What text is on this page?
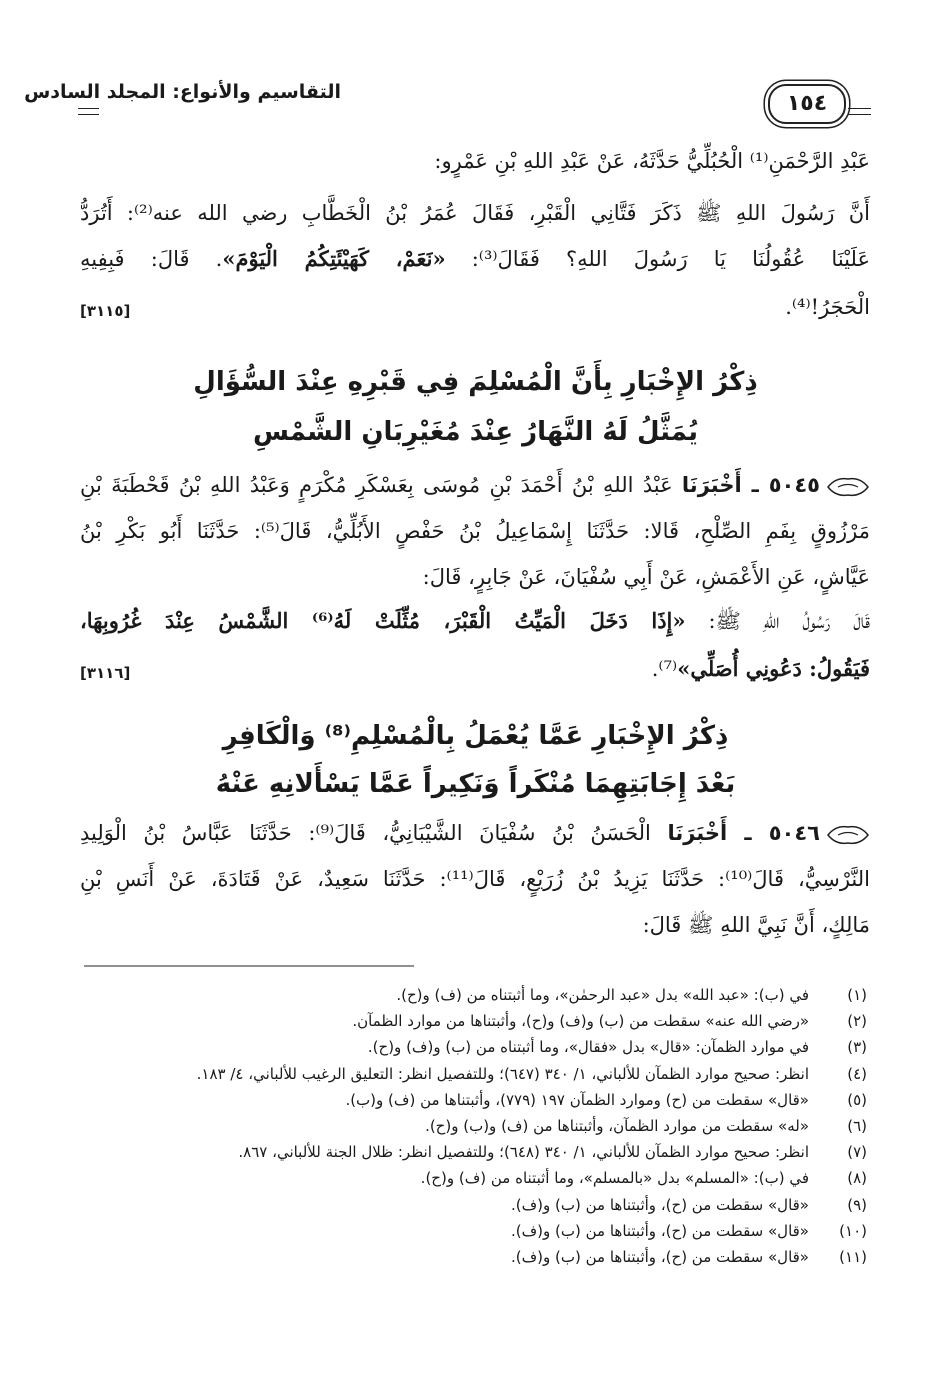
التقاسيم والأنواع: المجلد السادس	١٥٤
عَبْدِ الرَّحْمَنِ⁽¹⁾ الْحُبُلِّيُّ حَدَّثَهُ، عَنْ عَبْدِ اللهِ بْنِ عَمْرٍو:
أَنَّ رَسُولَ اللهِ ﷺ ذَكَرَ فَتَّانِي الْقَبْرِ، فَقَالَ عُمَرُ بْنُ الْخَطَّابِ رضي الله عنه⁽²⁾: أَتُرَدُّ
عَلَيْنَا عُقُولُنَا يَا رَسُولَ اللهِ؟ فَقَالَ⁽³⁾: «نَعَمْ، كَهَيْئَتِكُمُ الْيَوْمَ». قَالَ: فَبِفِيهِ
الْحَجَرُ!⁽⁴⁾.
[٣١١٥]
ذِكْرُ الإِخْبَارِ بِأَنَّ الْمُسْلِمَ فِي قَبْرِهِ عِنْدَ السُّؤَالِ
يُمَثَّلُ لَهُ النَّهَارُ عِنْدَ مُغَيْرِبَانِ الشَّمْسِ
٥٠٤٥ ـ أَخْبَرَنَا عَبْدُ اللهِ بْنُ أَحْمَدَ بْنِ مُوسَى بِعَسْكَرِ مُكْرَمٍ وَعَبْدُ اللهِ بْنُ قَحْطَبَةَ بْنِ
مَرْزُوقٍ بِفَمِ الصِّلْحِ، قَالا: حَدَّثَنَا إِسْمَاعِيلُ بْنُ حَفْصٍ الأَبُلِّيُّ، قَالَ⁽⁵⁾: حَدَّثَنَا أَبُو بَكْرِ بْنُ
عَيَّاشٍ، عَنِ الأَعْمَشِ، عَنْ أَبِي سُفْيَانَ، عَنْ جَابِرٍ، قَالَ:
قَالَ رَسُولُ اللهِ ﷺ: «إِذَا دَخَلَ الْمَيِّتُ الْقَبْرَ، مُثِّلَتْ لَهُ⁽⁶⁾ الشَّمْسُ عِنْدَ غُرُوبِهَا،
فَيَقُولُ: دَعُونِي أُصَلِّي»⁽⁷⁾.
[٣١١٦]
ذِكْرُ الإِخْبَارِ عَمَّا يُعْمَلُ بِالْمُسْلِمِ⁽⁸⁾ وَالْكَافِرِ
بَعْدَ إِجَابَتِهِمَا مُنْكَراً وَنَكِيراً عَمَّا يَسْأَلانِهِ عَنْهُ
٥٠٤٦ ـ أَخْبَرَنَا الْحَسَنُ بْنُ سُفْيَانَ الشَّيْبَانِيُّ، قَالَ⁽⁹⁾: حَدَّثَنَا عَبَّاسُ بْنُ الْوَلِيدِ
النَّرْسِيُّ، قَالَ⁽¹⁰⁾: حَدَّثَنَا يَزِيدُ بْنُ زُرَيْعٍ، قَالَ⁽¹¹⁾: حَدَّثَنَا سَعِيدٌ، عَنْ قَتَادَةَ، عَنْ أَنَسِ بْنِ
مَالِكٍ، أَنَّ نَبِيَّ اللهِ ﷺ قَالَ:
(١)في (ب): «عبد الله» بدل «عبد الرحمٰن»، وما أثبتناه من (ف) و(ح).
(٢)«رضي الله عنه» سقطت من (ب) و(ف) و(ح)، وأثبتناها من موارد الظمآن.
(٣)في موارد الظمآن: «قال» بدل «فقال»، وما أثبتناه من (ب) و(ف) و(ح).
(٤)انظر: صحيح موارد الظمآن للألباني، ١/ ٣٤٠ (٦٤٧)؛ وللتفصيل انظر: التعليق الرغيب للألباني، ٤/ ١٨٣.
(٥)«قال» سقطت من (ح) وموارد الظمآن ١٩٧ (٧٧٩)، وأثبتناها من (ف) و(ب).
(٦)«له» سقطت من موارد الظمآن، وأثبتناها من (ف) و(ب) و(ح).
(٧)انظر: صحيح موارد الظمآن للألباني، ١/ ٣٤٠ (٦٤٨)؛ وللتفصيل انظر: ظلال الجنة للألباني، ٨٦٧.
(٨)في (ب): «المسلم» بدل «بالمسلم»، وما أثبتناه من (ف) و(ح).
(٩)«قال» سقطت من (ح)، وأثبتناها من (ب) و(ف).
(١٠)«قال» سقطت من (ح)، وأثبتناها من (ب) و(ف).
(١١)«قال» سقطت من (ح)، وأثبتناها من (ب) و(ف).
